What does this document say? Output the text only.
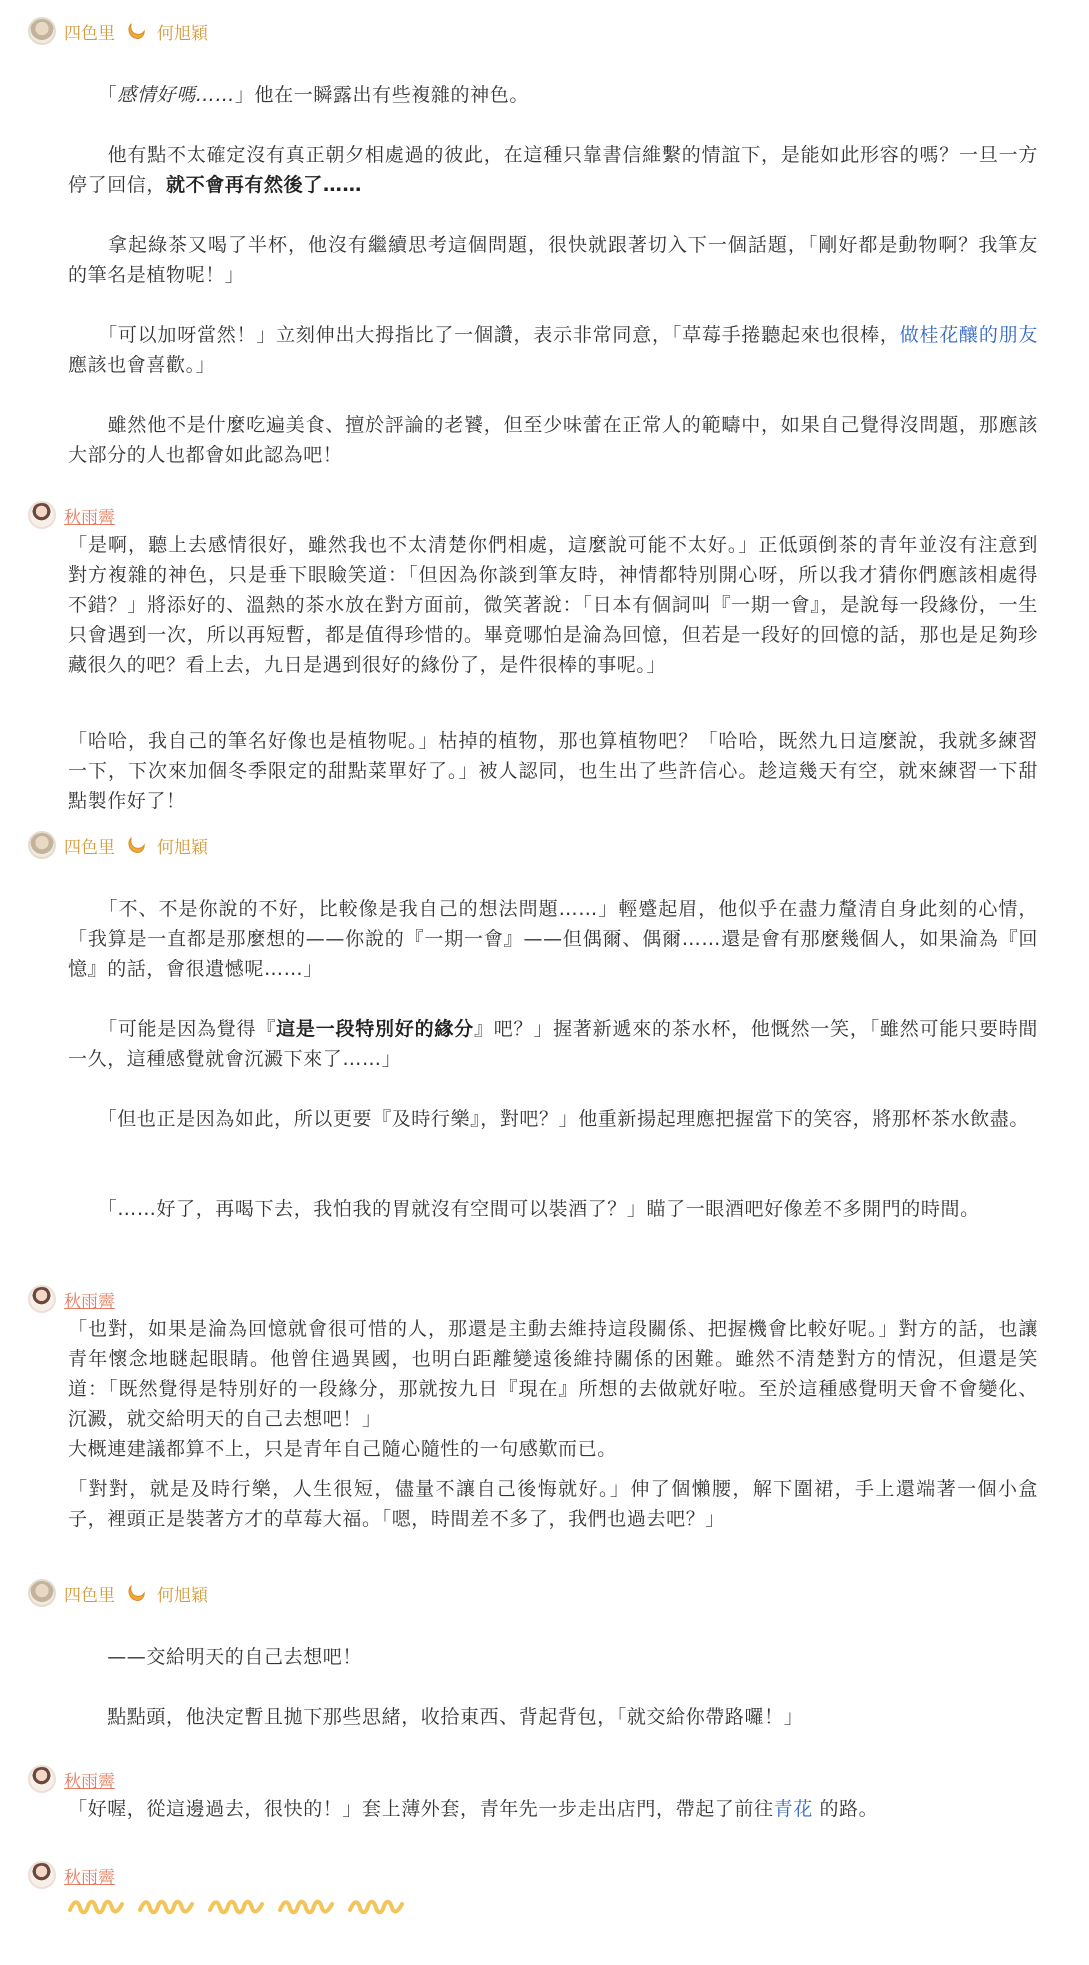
四色里 何旭穎

　　「感情好嗎……」他在一瞬露出有些複雜的神色。

　　他有點不太確定沒有真正朝夕相處過的彼此，在這種只靠書信維繫的情誼下，是能如此形容的嗎？一旦一方停了回信，就不會再有然後了……

　　拿起綠茶又喝了半杯，他沒有繼續思考這個問題，很快就跟著切入下一個話題，「剛好都是動物啊？我筆友的筆名是植物呢！」

　　「可以加呀當然！」立刻伸出大拇指比了一個讚，表示非常同意，「草莓手捲聽起來也很棒，做桂花釀的朋友應該也會喜歡。」

　　雖然他不是什麼吃遍美食、擅於評論的老饕，但至少味蕾在正常人的範疇中，如果自己覺得沒問題，那應該大部分的人也都會如此認為吧！

秋雨霽

「是啊，聽上去感情很好，雖然我也不太清楚你們相處，這麼說可能不太好。」正低頭倒茶的青年並沒有注意到對方複雜的神色，只是垂下眼瞼笑道：「但因為你談到筆友時，神情都特別開心呀，所以我才猜你們應該相處得不錯？」將添好的、溫熱的茶水放在對方面前，微笑著說：「日本有個詞叫『一期一會』，是說每一段緣份，一生只會遇到一次，所以再短暫，都是值得珍惜的。畢竟哪怕是淪為回憶，但若是一段好的回憶的話，那也是足夠珍藏很久的吧？看上去，九日是遇到很好的緣份了，是件很棒的事呢。」

「哈哈，我自己的筆名好像也是植物呢。」枯掉的植物，那也算植物吧？「哈哈，既然九日這麼說，我就多練習一下，下次來加個冬季限定的甜點菜單好了。」被人認同，也生出了些許信心。趁這幾天有空，就來練習一下甜點製作好了！

四色里 何旭穎

　　「不、不是你說的不好，比較像是我自己的想法問題……」輕蹙起眉，他似乎在盡力釐清自身此刻的心情，「我算是一直都是那麼想的——你說的『一期一會』——但偶爾、偶爾……還是會有那麼幾個人，如果淪為『回憶』的話，會很遺憾呢……」

　　「可能是因為覺得『這是一段特別好的緣分』吧？」握著新遞來的茶水杯，他慨然一笑，「雖然可能只要時間一久，這種感覺就會沉澱下來了……」

　　「但也正是因為如此，所以更要『及時行樂』，對吧？」他重新揚起理應把握當下的笑容，將那杯茶水飲盡。

　　「……好了，再喝下去，我怕我的胃就沒有空間可以裝酒了？」瞄了一眼酒吧好像差不多開門的時間。

秋雨霽

「也對，如果是淪為回憶就會很可惜的人，那還是主動去維持這段關係、把握機會比較好呢。」對方的話，也讓青年懷念地瞇起眼睛。他曾住過異國，也明白距離變遠後維持關係的困難。雖然不清楚對方的情況，但還是笑道：「既然覺得是特別好的一段緣分，那就按九日『現在』所想的去做就好啦。至於這種感覺明天會不會變化、沉澱，就交給明天的自己去想吧！」

大概連建議都算不上，只是青年自己隨心隨性的一句感歎而已。

「對對，就是及時行樂，人生很短，儘量不讓自己後悔就好。」伸了個懶腰，解下圍裙，手上還端著一個小盒子，裡頭正是裝著方才的草莓大福。「嗯，時間差不多了，我們也過去吧？」

四色里 何旭穎

　　——交給明天的自己去想吧！

　　點點頭，他決定暫且拋下那些思緒，收拾東西、背起背包，「就交給你帶路囉！」

秋雨霽

「好喔，從這邊過去，很快的！」套上薄外套，青年先一步走出店門，帶起了前往青花 的路。

秋雨霽
